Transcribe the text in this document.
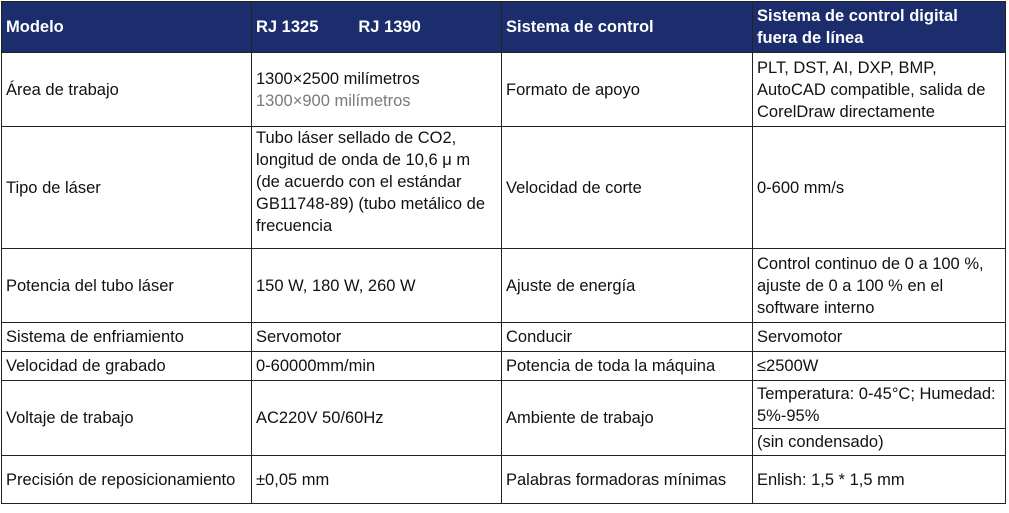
Modelo	RJ 1325 RJ 1390	Sistema de control	Sistema de control digital fuera de línea
Área de trabajo	1300×2500 milímetros 1300×900 milímetros	Formato de apoyo	PLT, DST, AI, DXP, BMP, AutoCAD compatible, salida de CorelDraw directamente
Tipo de láser	Tubo láser sellado de CO2, longitud de onda de 10,6 μ m (de acuerdo con el estándar GB11748-89) (tubo metálico de frecuencia	Velocidad de corte	0-600 mm/s
Potencia del tubo láser	150 W, 180 W, 260 W	Ajuste de energía	Control continuo de 0 a 100 %, ajuste de 0 a 100 % en el software interno
Sistema de enfriamiento	Servomotor	Conducir	Servomotor
Velocidad de grabado	0-60000mm/min	Potencia de toda la máquina	≤2500W
Voltaje de trabajo	AC220V 50/60Hz	Ambiente de trabajo	Temperatura: 0-45°C; Humedad: 5%-95%
			(sin condensado)
Precisión de reposicionamiento	±0,05 mm	Palabras formadoras mínimas	Enlish: 1,5 * 1,5 mm
